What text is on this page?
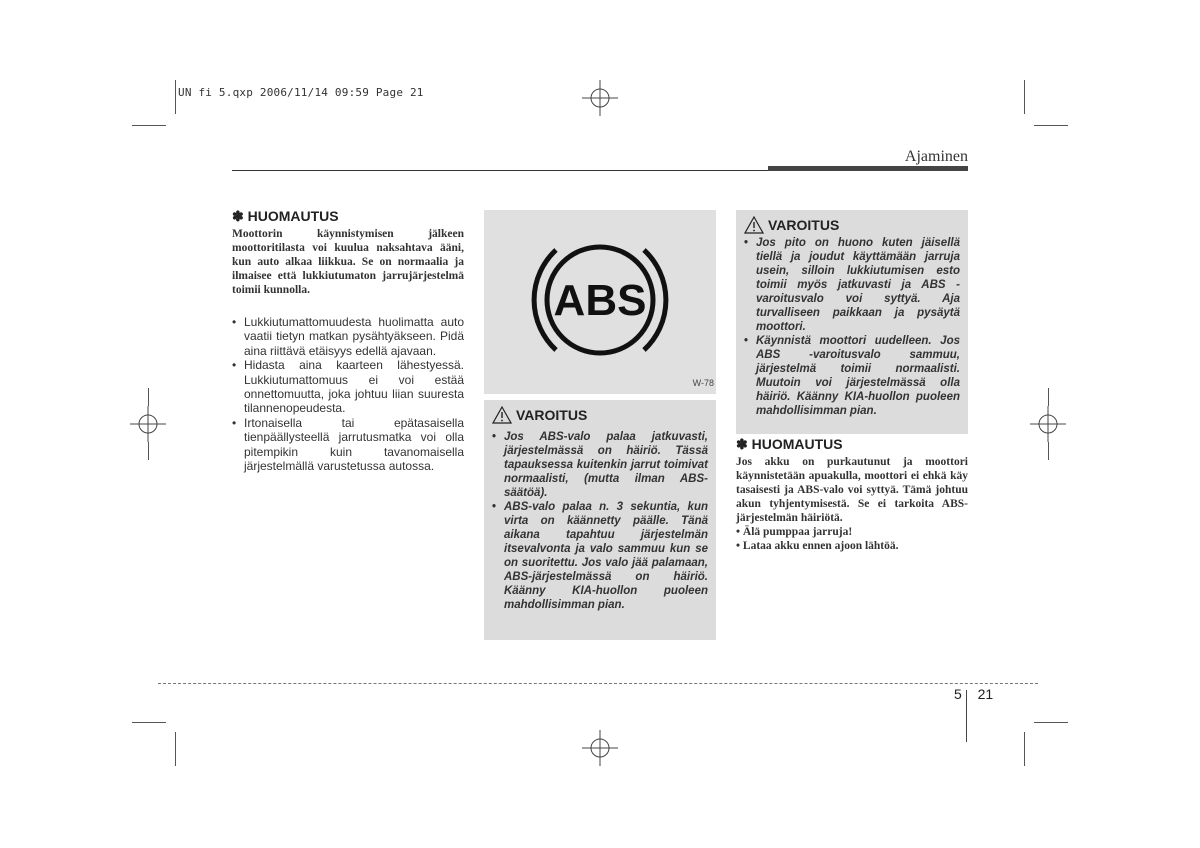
UN fi 5.qxp 2006/11/14 09:59 Page 21
Ajaminen
✽ HUOMAUTUS

Moottorin käynnistymisen jälkeen moottoritilasta voi kuulua naksahtava ääni, kun auto alkaa liikkua. Se on normaalia ja ilmaisee että lukkiutumaton jarrujärjestelmä toimii kunnolla.

• Lukkiutumattomuudesta huolimatta auto vaatii tietyn matkan pysähtyäkseen. Pidä aina riittävä etäisyys edellä ajavaan.
• Hidasta aina kaarteen lähestyessä. Lukkiutumattomuus ei voi estää onnettomuutta, joka johtuu liian suuresta tilannenopeudesta.
• Irtonaisella tai epätasaisella tienpäällysteellä jarrutusmatka voi olla pitempikin kuin tavanomaisella järjestelmällä varustetussa autossa.
ABS
W-78
VAROITUS
• Jos ABS-valo palaa jatkuvasti, järjestelmässä on häiriö. Tässä tapauksessa kuitenkin jarrut toimivat normaalisti, (mutta ilman ABS-säätöä).
• ABS-valo palaa n. 3 sekuntia, kun virta on käännetty päälle. Tänä aikana tapahtuu järjestelmän itsevalvonta ja valo sammuu kun se on suoritettu. Jos valo jää palamaan, ABS-järjestelmässä on häiriö. Käänny KIA-huollon puoleen mahdollisimman pian.
VAROITUS
• Jos pito on huono kuten jäisellä tiellä ja joudut käyttämään jarruja usein, silloin lukkiutumisen esto toimii myös jatkuvasti ja ABS -varoitusvalo voi syttyä. Aja turvalliseen paikkaan ja pysäytä moottori.
• Käynnistä moottori uudelleen. Jos ABS -varoitusvalo sammuu, järjestelmä toimii normaalisti. Muutoin voi järjestelmässä olla häiriö. Käänny KIA-huollon puoleen mahdollisimman pian.
✽ HUOMAUTUS

Jos akku on purkautunut ja moottori käynnistetään apuakulla, moottori ei ehkä käy tasaisesti ja ABS-valo voi syttyä. Tämä johtuu akun tyhjentymisestä. Se ei tarkoita ABS-järjestelmän häiriötä.

• Älä pumppaa jarruja!
• Lataa akku ennen ajoon lähtöä.
5 21
